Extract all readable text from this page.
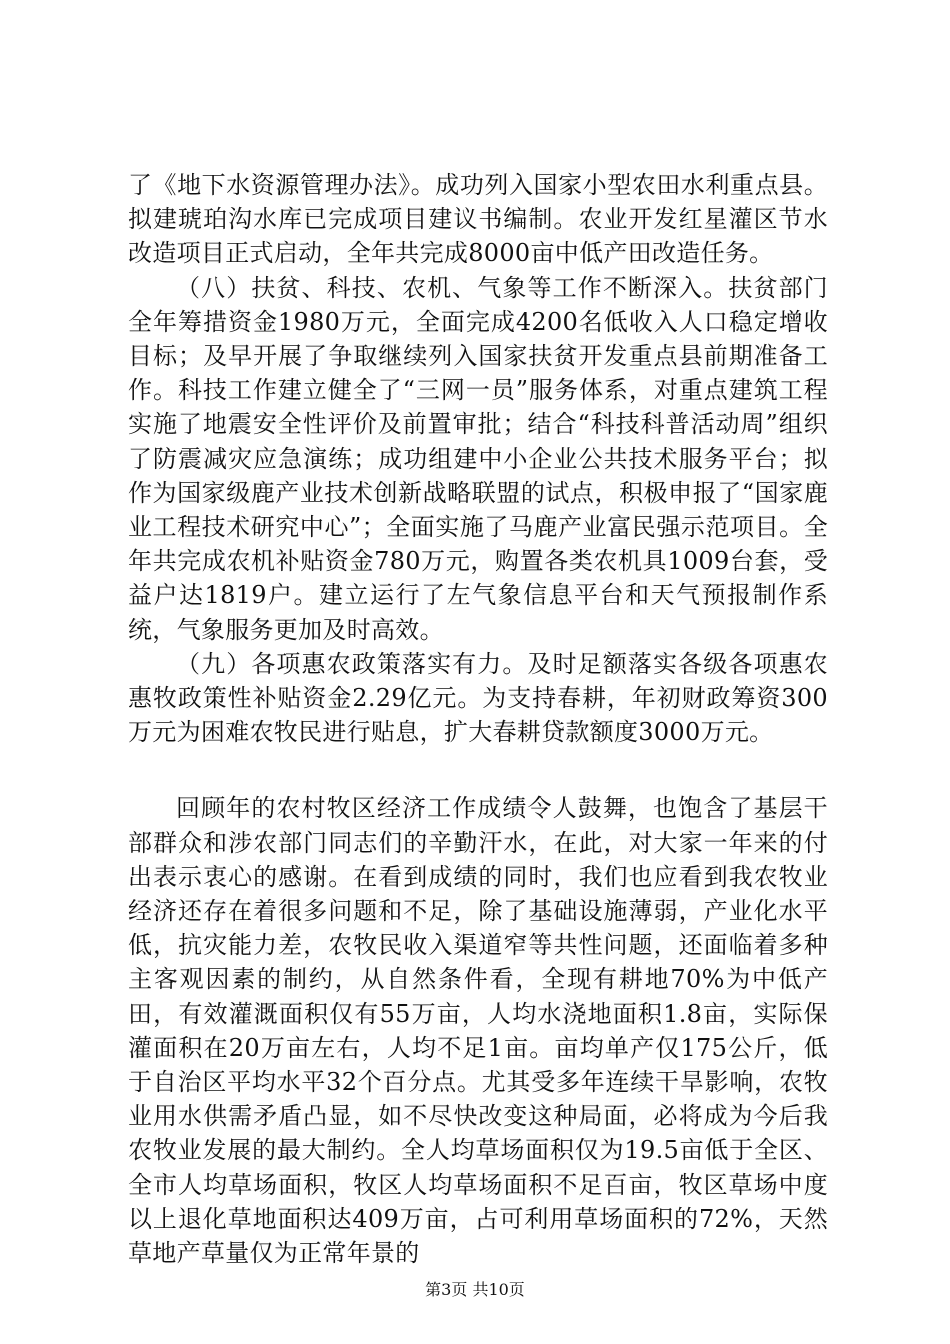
了《地下水资源管理办法》。成功列入国家小型农田水利重点县。拟建琥珀沟水库已完成项目建议书编制。农业开发红星灌区节水改造项目正式启动，全年共完成8000亩中低产田改造任务。

（八）扶贫、科技、农机、气象等工作不断深入。扶贫部门全年筹措资金1980万元，全面完成4200名低收入人口稳定增收目标；及早开展了争取继续列入国家扶贫开发重点县前期准备工作。科技工作建立健全了“三网一员”服务体系，对重点建筑工程实施了地震安全性评价及前置审批；结合“科技科普活动周”组织了防震减灾应急演练；成功组建中小企业公共技术服务平台；拟作为国家级鹿产业技术创新战略联盟的试点，积极申报了“国家鹿业工程技术研究中心”；全面实施了马鹿产业富民强示范项目。全年共完成农机补贴资金780万元，购置各类农机具1009台套，受益户达1819户。建立运行了左气象信息平台和天气预报制作系统，气象服务更加及时高效。

（九）各项惠农政策落实有力。及时足额落实各级各项惠农惠牧政策性补贴资金2.29亿元。为支持春耕，年初财政筹资300万元为困难农牧民进行贴息，扩大春耕贷款额度3000万元。

回顾年的农村牧区经济工作成绩令人鼓舞，也饱含了基层干部群众和涉农部门同志们的辛勤汗水，在此，对大家一年来的付出表示衷心的感谢。在看到成绩的同时，我们也应看到我农牧业经济还存在着很多问题和不足，除了基础设施薄弱，产业化水平低，抗灾能力差，农牧民收入渠道窄等共性问题，还面临着多种主客观因素的制约，从自然条件看，全现有耕地70%为中低产田，有效灌溉面积仅有55万亩，人均水浇地面积1.8亩，实际保灌面积在20万亩左右，人均不足1亩。亩均单产仅175公斤，低于自治区平均水平32个百分点。尤其受多年连续干旱影响，农牧业用水供需矛盾凸显，如不尽快改变这种局面，必将成为今后我农牧业发展的最大制约。全人均草场面积仅为19.5亩低于全区、全市人均草场面积，牧区人均草场面积不足百亩，牧区草场中度以上退化草地面积达409万亩，占可利用草场面积的72%，天然草地产草量仅为正常年景的

第3页 共10页
